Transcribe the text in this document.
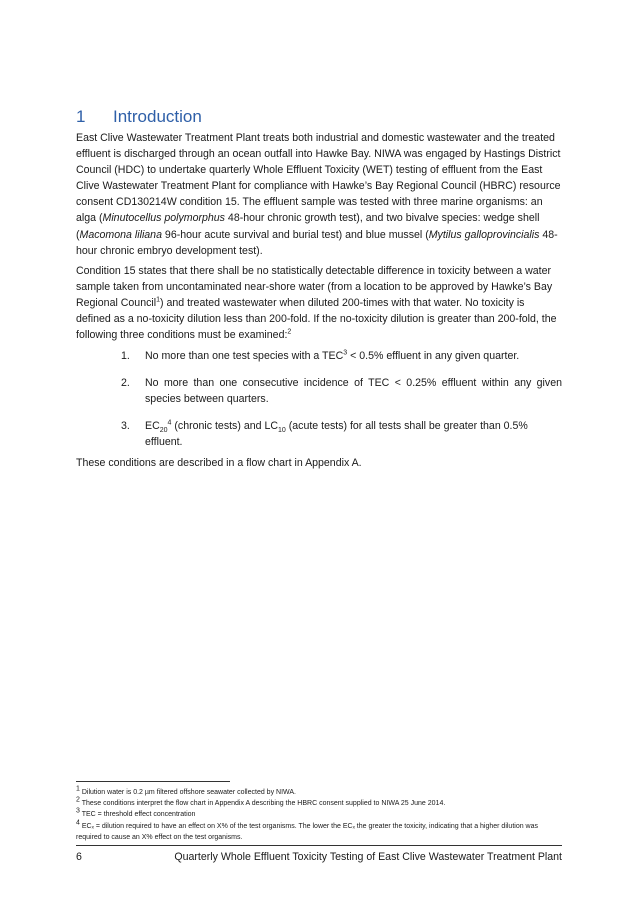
1 Introduction
East Clive Wastewater Treatment Plant treats both industrial and domestic wastewater and the treated effluent is discharged through an ocean outfall into Hawke Bay. NIWA was engaged by Hastings District Council (HDC) to undertake quarterly Whole Effluent Toxicity (WET) testing of effluent from the East Clive Wastewater Treatment Plant for compliance with Hawke’s Bay Regional Council (HBRC) resource consent CD130214W condition 15. The effluent sample was tested with three marine organisms: an alga (Minutocellus polymorphus 48-hour chronic growth test), and two bivalve species: wedge shell (Macomona liliana 96-hour acute survival and burial test) and blue mussel (Mytilus galloprovincialis 48-hour chronic embryo development test).
Condition 15 states that there shall be no statistically detectable difference in toxicity between a water sample taken from uncontaminated near-shore water (from a location to be approved by Hawke’s Bay Regional Council$^1$) and treated wastewater when diluted 200-times with that water. No toxicity is defined as a no-toxicity dilution less than 200-fold. If the no-toxicity dilution is greater than 200-fold, the following three conditions must be examined:$^2$
1. No more than one test species with a $TEC^3 < 0.5\%$ effluent in any given quarter.
2. No more than one consecutive incidence of TEC < 0.25% effluent within any given species between quarters.
3. $EC_{20}^4$ (chronic tests) and $LC_{10}$ (acute tests) for all tests shall be greater than 0.5% effluent.
These conditions are described in a flow chart in Appendix A.
$^1$ Dilution water is 0.2 µm filtered offshore seawater collected by NIWA.
$^2$ These conditions interpret the flow chart in Appendix A describing the HBRC consent supplied to NIWA 25 June 2014.
$^3$ TEC = threshold effect concentration
$^4$ ECₓ = dilution required to have an effect on X% of the test organisms. The lower the ECₓ the greater the toxicity, indicating that a higher dilution was required to cause an X% effect on the test organisms.
6	Quarterly Whole Effluent Toxicity Testing of East Clive Wastewater Treatment Plant
